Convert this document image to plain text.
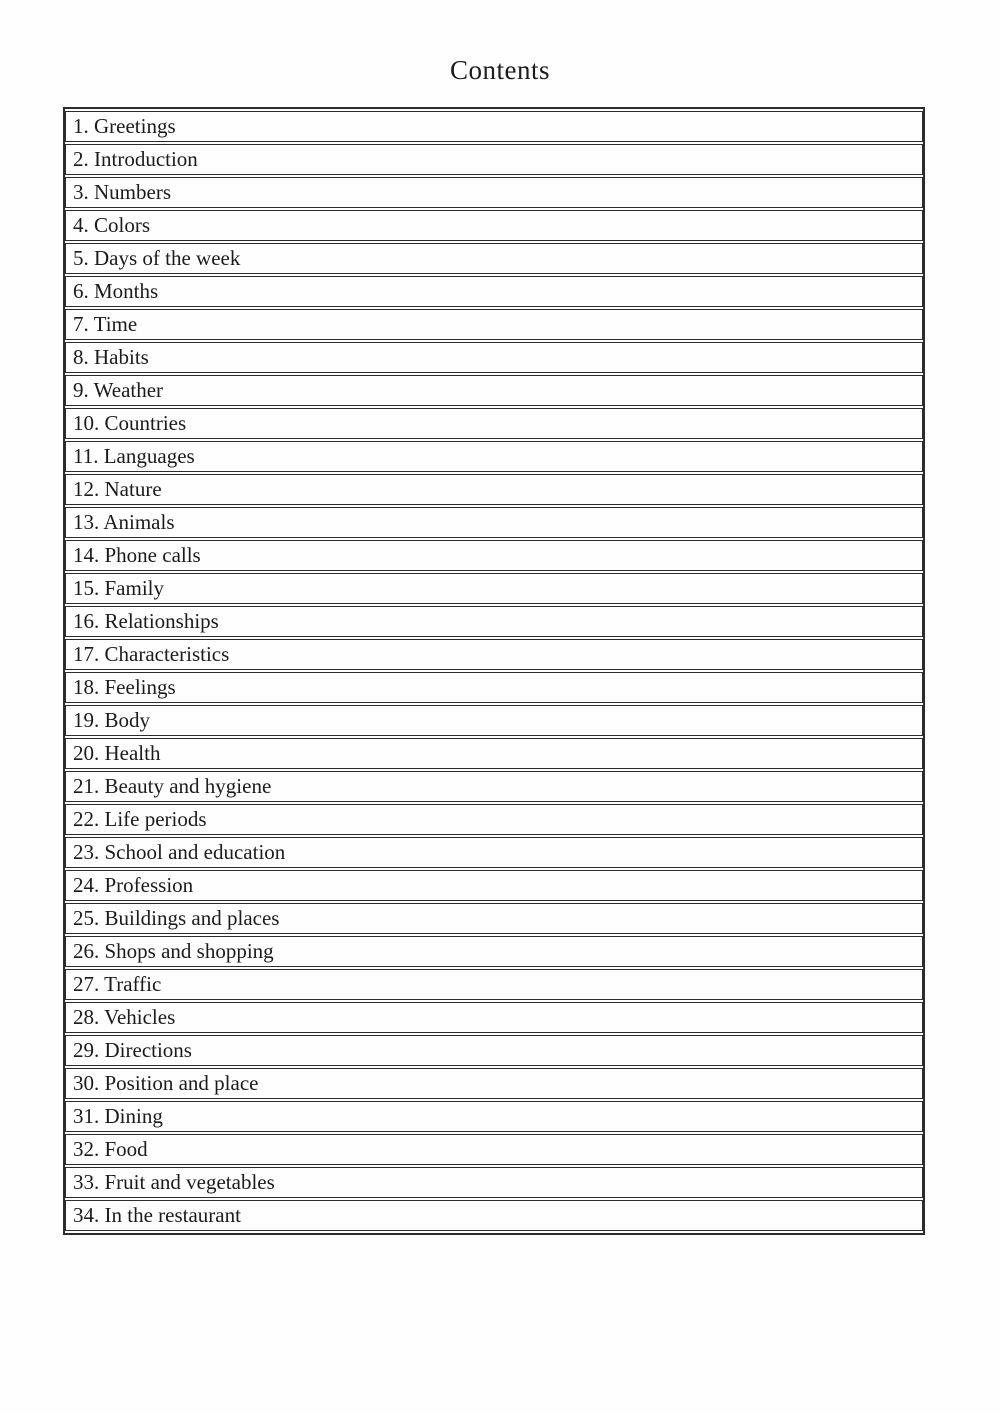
Contents
1. Greetings
2. Introduction
3. Numbers
4. Colors
5. Days of the week
6. Months
7. Time
8. Habits
9. Weather
10. Countries
11. Languages
12. Nature
13. Animals
14. Phone calls
15. Family
16. Relationships
17. Characteristics
18. Feelings
19. Body
20. Health
21. Beauty and hygiene
22. Life periods
23. School and education
24. Profession
25. Buildings and places
26. Shops and shopping
27. Traffic
28. Vehicles
29. Directions
30. Position and place
31. Dining
32. Food
33. Fruit and vegetables
34. In the restaurant
